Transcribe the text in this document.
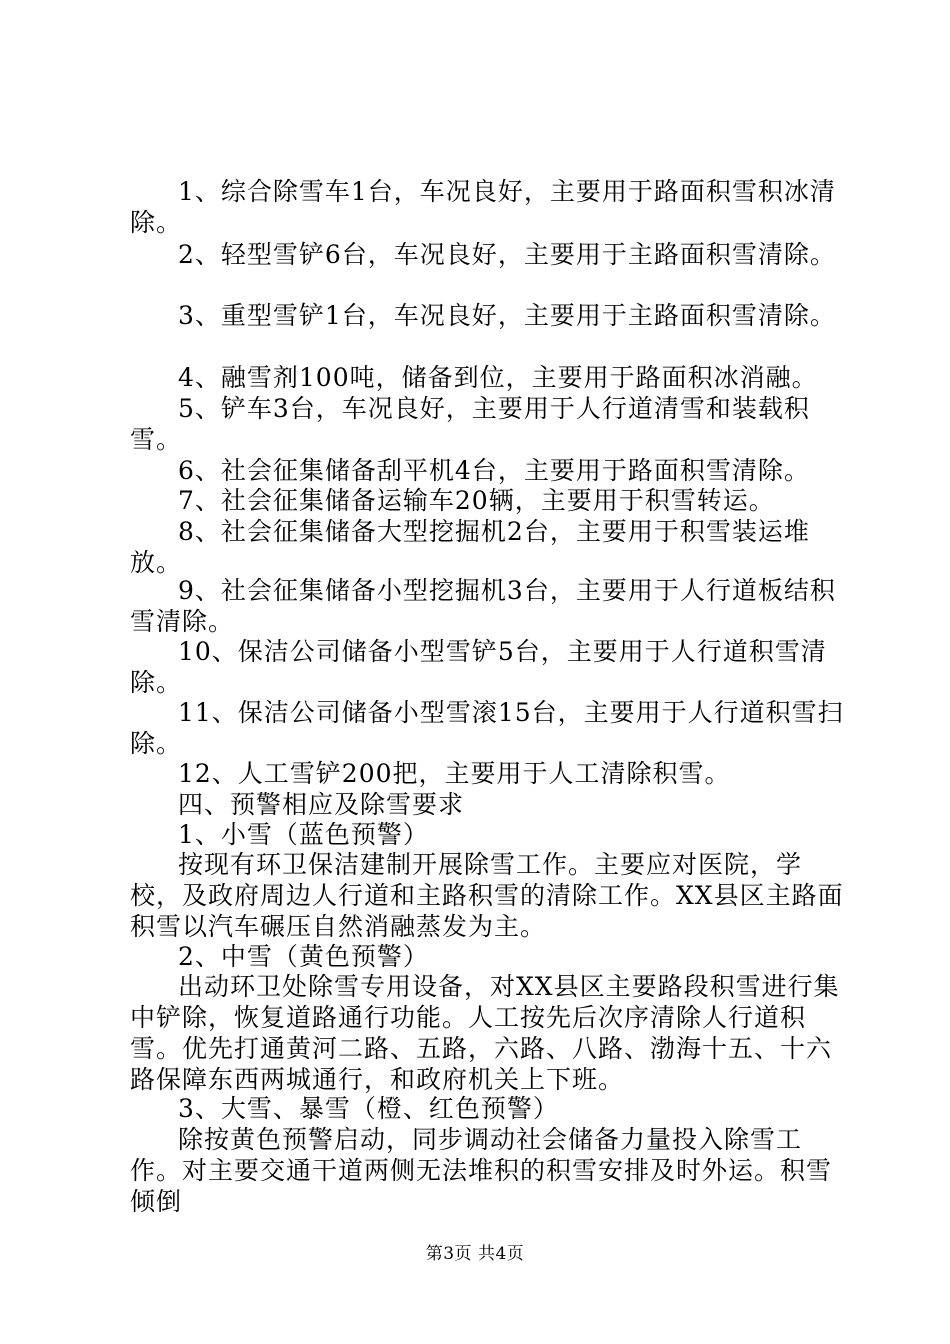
1、综合除雪车1台，车况良好，主要用于路面积雪积冰清除。

2、轻型雪铲6台，车况良好，主要用于主路面积雪清除。

3、重型雪铲1台，车况良好，主要用于主路面积雪清除。

4、融雪剂100吨，储备到位，主要用于路面积冰消融。

5、铲车3台，车况良好，主要用于人行道清雪和装载积雪。

6、社会征集储备刮平机4台，主要用于路面积雪清除。

7、社会征集储备运输车20辆，主要用于积雪转运。

8、社会征集储备大型挖掘机2台，主要用于积雪装运堆放。

9、社会征集储备小型挖掘机3台，主要用于人行道板结积雪清除。

10、保洁公司储备小型雪铲5台，主要用于人行道积雪清除。

11、保洁公司储备小型雪滚15台，主要用于人行道积雪扫除。

12、人工雪铲200把，主要用于人工清除积雪。

四、预警相应及除雪要求

1、小雪（蓝色预警）

按现有环卫保洁建制开展除雪工作。主要应对医院，学校，及政府周边人行道和主路积雪的清除工作。XX县区主路面积雪以汽车碾压自然消融蒸发为主。

2、中雪（黄色预警）

出动环卫处除雪专用设备，对XX县区主要路段积雪进行集中铲除，恢复道路通行功能。人工按先后次序清除人行道积雪。优先打通黄河二路、五路，六路、八路、渤海十五、十六路保障东西两城通行，和政府机关上下班。

3、大雪、暴雪（橙、红色预警）

除按黄色预警启动，同步调动社会储备力量投入除雪工作。对主要交通干道两侧无法堆积的积雪安排及时外运。积雪倾倒

第3页 共4页
